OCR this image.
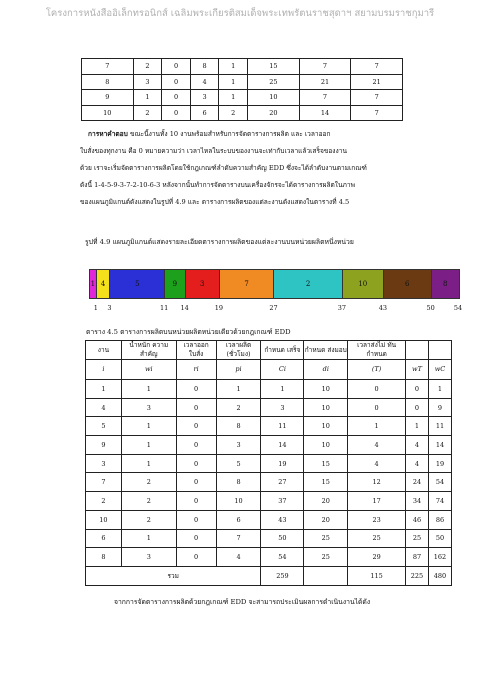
โครงการหนังสืออิเล็กทรอนิกส์ เฉลิมพระเกียรติสมเด็จพระเทพรัตนราชสุดาฯ สยามบรมราชกุมารี
7	2	0	8	1	15	7	7
8	3	0	4	1	25	21	21
9	1	0	3	1	10	7	7
10	2	0	6	2	20	14	7
การหาคำตอบ ขณะนี้งานทั้ง 10 งานพร้อมสำหรับการจัดตารางการผลิต และ เวลาออก
ใบสั่งของทุกงาน คือ 0 หมายความว่า เวลาไหลในระบบของงานจะเท่ากับเวลาแล้วเสร็จของงาน
ด้วย เราจะเริ่มจัดตารางการผลิตโดยใช้กฎเกณฑ์ลำดับความสำคัญ EDD ซึ่งจะได้ลำดับงานตามเกณฑ์
ดังนี้ 1-4-5-9-3-7-2-10-6-3 หลังจากนั้นทำการจัดตารางบนเครื่องจักรจะได้ตารางการผลิตในภาพ
ของแผนภูมิแกนต์ดังแสดงในรูปที่ 4.9 และ ตารางการผลิตของแต่ละงานดังแสดงในตารางที่ 4.5
รูปที่ 4.9 แผนภูมิแกนต์แสดงรายละเอียดตารางการผลิตของแต่ละงานบนหน่วยผลิตหนึ่งหน่วย
1 4	5	9	3	7	2	10	6	8
1 3	11 14	19	27	37	43	50	54
ตาราง 4.5 ตารางการผลิตบนหน่วยผลิตหน่วยเดียวด้วยกฎเกณฑ์ EDD
งาน	น้ำหนัก ความสำคัญ	เวลาออก ใบสั่ง	เวลาผลิต (ชั่วโมง)	กำหนด เสร็จ	กำหนด ส่งมอบ	เวลาส่งไม่ ทันกำหนด		
i	wi	ri	pi	Ci	di	(T)	wT	wC
1	1	0	1	1	10	0	0	1
4	3	0	2	3	10	0	0	9
5	1	0	8	11	10	1	1	11
9	1	0	3	14	10	4	4	14
3	1	0	5	19	15	4	4	19
7	2	0	8	27	15	12	24	54
2	2	0	10	37	20	17	34	74
10	2	0	6	43	20	23	46	86
6	1	0	7	50	25	25	25	50
8	3	0	4	54	25	29	87	162
รวม				259		115	225	480
จากการจัดตารางการผลิตด้วยกฎเกณฑ์ EDD จะสามารถประเมินผลการดำเนินงานได้ดัง
